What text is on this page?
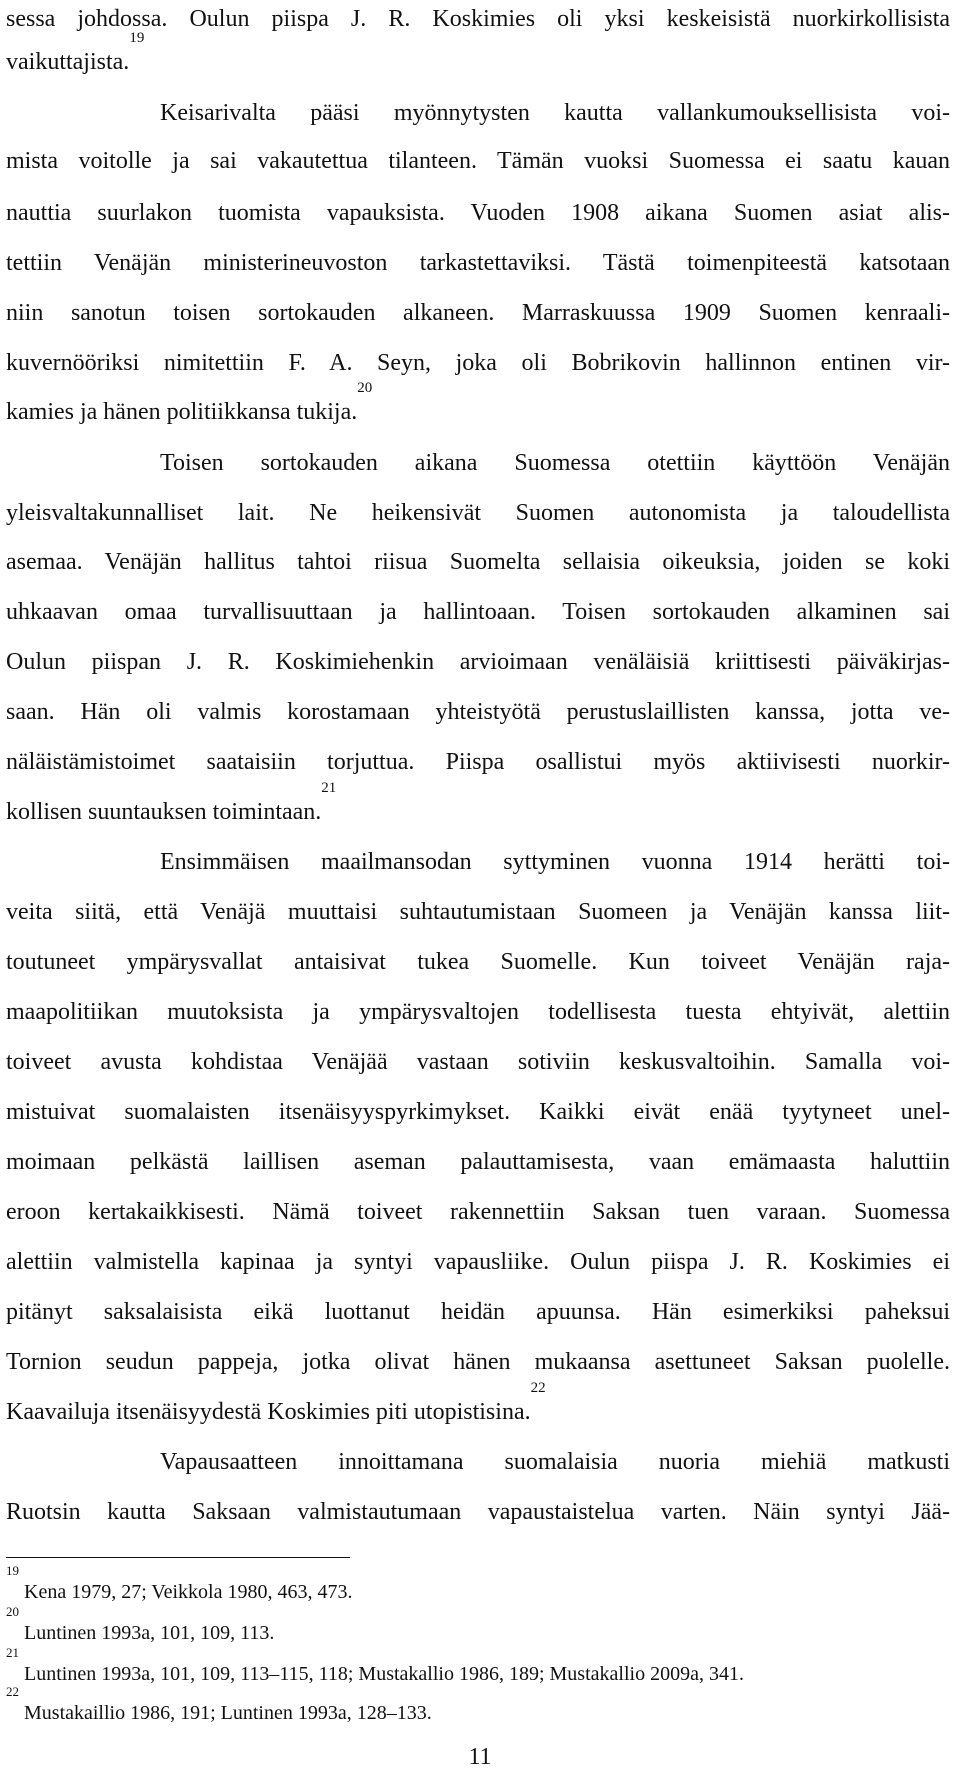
sessa johdossa. Oulun piispa J. R. Koskimies oli yksi keskeisistä nuorkirkollisista
vaikuttajista.$^{19}$
Keisarivalta pääsi myönnytysten kautta vallankumouksellisista voi-
mista voitolle ja sai vakautettua tilanteen. Tämän vuoksi Suomessa ei saatu kauan
nauttia suurlakon tuomista vapauksista. Vuoden 1908 aikana Suomen asiat alis-
tettiin Venäjän ministerineuvoston tarkastettaviksi. Tästä toimenpiteestä katsotaan
niin sanotun toisen sortokauden alkaneen. Marraskuussa 1909 Suomen kenraali-
kuvernööriksi nimitettiin F. A. Seyn, joka oli Bobrikovin hallinnon entinen vir-
kamies ja hänen politiikkansa tukija.$^{20}$
Toisen sortokauden aikana Suomessa otettiin käyttöön Venäjän
yleisvaltakunnalliset lait. Ne heikensivät Suomen autonomista ja taloudellista
asemaa. Venäjän hallitus tahtoi riisua Suomelta sellaisia oikeuksia, joiden se koki
uhkaavan omaa turvallisuuttaan ja hallintoaan. Toisen sortokauden alkaminen sai
Oulun piispan J. R. Koskimiehenkin arvioimaan venäläisiä kriittisesti päiväkirjas-
saan. Hän oli valmis korostamaan yhteistyötä perustuslaillisten kanssa, jotta ve-
näläistämistoimet saataisiin torjuttua. Piispa osallistui myös aktiivisesti nuorkir-
kollisen suuntauksen toimintaan.$^{21}$
Ensimmäisen maailmansodan syttyminen vuonna 1914 herätti toi-
veita siitä, että Venäjä muuttaisi suhtautumistaan Suomeen ja Venäjän kanssa liit-
toutuneet ympärysvallat antaisivat tukea Suomelle. Kun toiveet Venäjän raja-
maapolitiikan muutoksista ja ympärysvaltojen todellisesta tuesta ehtyivät, alettiin
toiveet avusta kohdistaa Venäjää vastaan sotiviin keskusvaltoihin. Samalla voi-
mistuivat suomalaisten itsenäisyyspyrkimykset. Kaikki eivät enää tyytyneet unel-
moimaan pelkästä laillisen aseman palauttamisesta, vaan emämaasta haluttiin
eroon kertakaikkisesti. Nämä toiveet rakennettiin Saksan tuen varaan. Suomessa
alettiin valmistella kapinaa ja syntyi vapausliike. Oulun piispa J. R. Koskimies ei
pitänyt saksalaisista eikä luottanut heidän apuunsa. Hän esimerkiksi paheksui
Tornion seudun pappeja, jotka olivat hänen mukaansa asettuneet Saksan puolelle.
Kaavailuja itsenäisyydestä Koskimies piti utopistisina.$^{22}$
Vapausaatteen innoittamana suomalaisia nuoria miehiä matkusti
Ruotsin kautta Saksaan valmistautumaan vapaustaistelua varten. Näin syntyi Jää-
$^{19}$ Kena 1979, 27; Veikkola 1980, 463, 473.
$^{20}$ Luntinen 1993a, 101, 109, 113.
$^{21}$ Luntinen 1993a, 101, 109, 113–115, 118; Mustakallio 1986, 189; Mustakallio 2009a, 341.
$^{22}$ Mustakaillio 1986, 191; Luntinen 1993a, 128–133.
11
